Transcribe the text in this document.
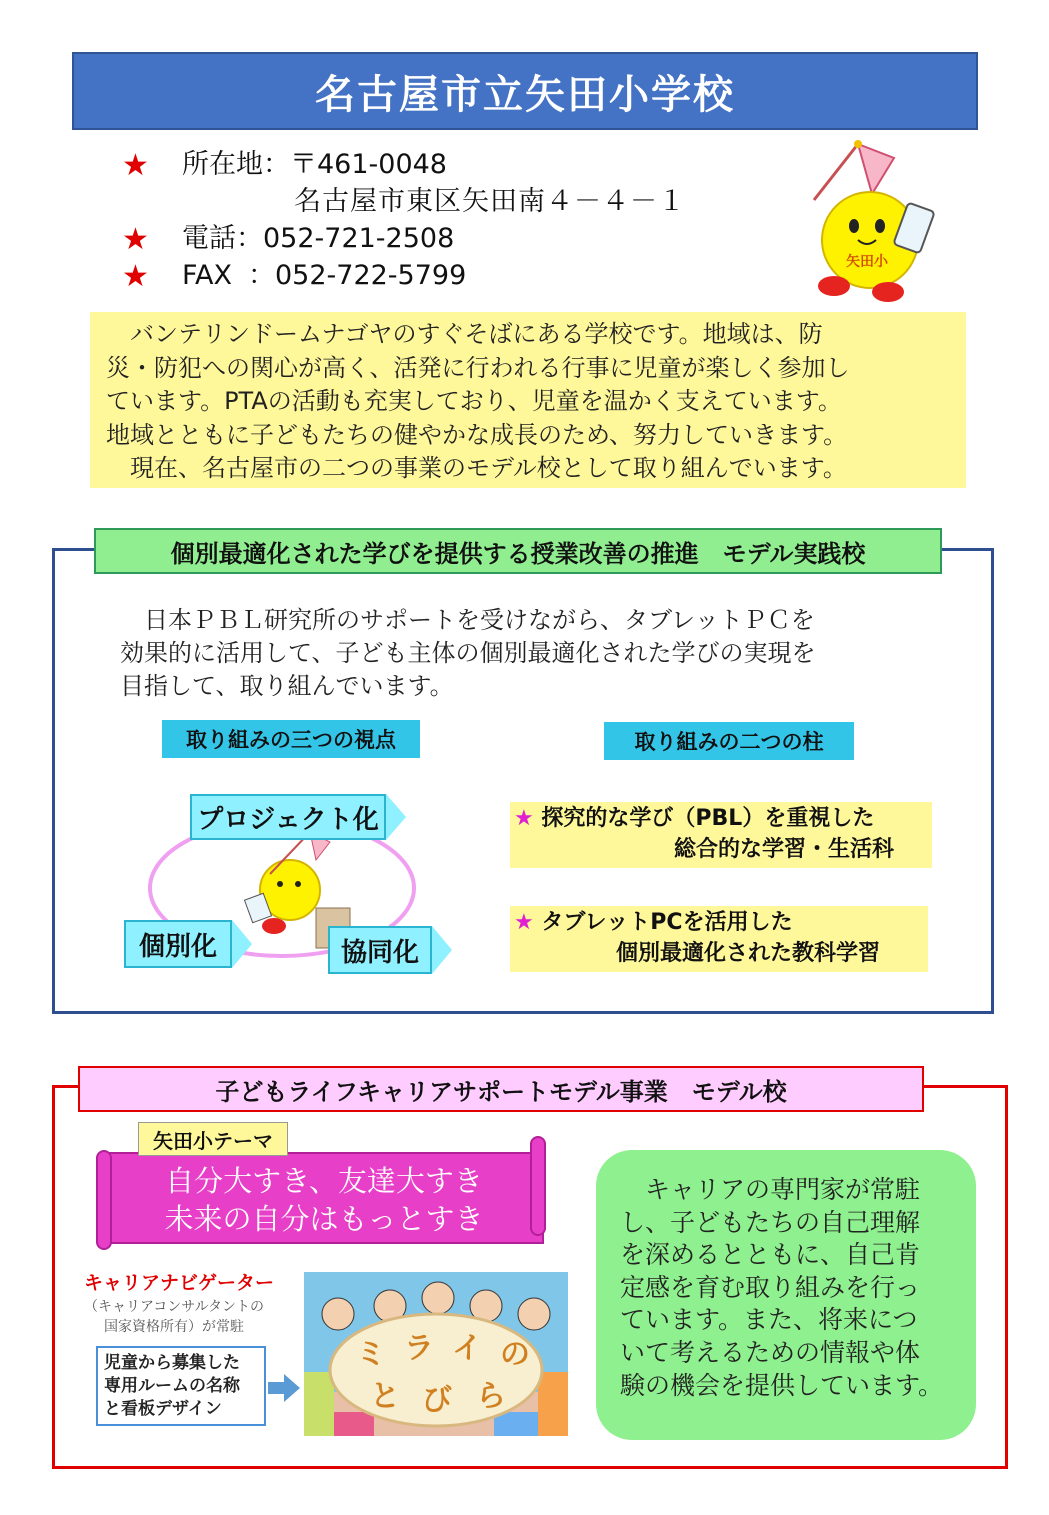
名古屋市立矢田小学校
★ 所在地：〒461-0048
名古屋市東区矢田南４－４－１
★ 電話：052-721-2508
★ FAX ：052-722-5799	矢田小

　バンテリンドームナゴヤのすぐそばにある学校です。地域は、防

災・防犯への関心が高く、活発に行われる行事に児童が楽しく参加し

ています。PTAの活動も充実しており、児童を温かく支えています。

地域とともに子どもたちの健やかな成長のため、努力していきます。

　現在、名古屋市の二つの事業のモデル校として取り組んでいます。

個別最適化された学びを提供する授業改善の推進　モデル実践校

　日本ＰＢＬ研究所のサポートを受けながら、タブレットＰＣを

効果的に活用して、子ども主体の個別最適化された学びの実現を

目指して、取り組んでいます。

取り組みの三つの視点	取り組みの二つの柱
プロジェクト化
個別化	協同化
★ 探究的な学び（PBL）を重視した
総合的な学習・生活科
★ タブレットPCを活用した
個別最適化された教科学習
子どもライフキャリアサポートモデル事業　モデル校

自分大すき、友達大すき

未来の自分はもっとすき

矢田小テーマ
キャリアナビゲーター
（キャリアコンサルタントの
国家資格所有）が常駐

児童から募集した

専用ルームの名称

と看板デザイン

ミ ラ イ の
と び ら

　キャリアの専門家が常駐

し、子どもたちの自己理解

を深めるとともに、自己肯

定感を育む取り組みを行っ

ています。また、将来につ

いて考えるための情報や体

験の機会を提供しています。
